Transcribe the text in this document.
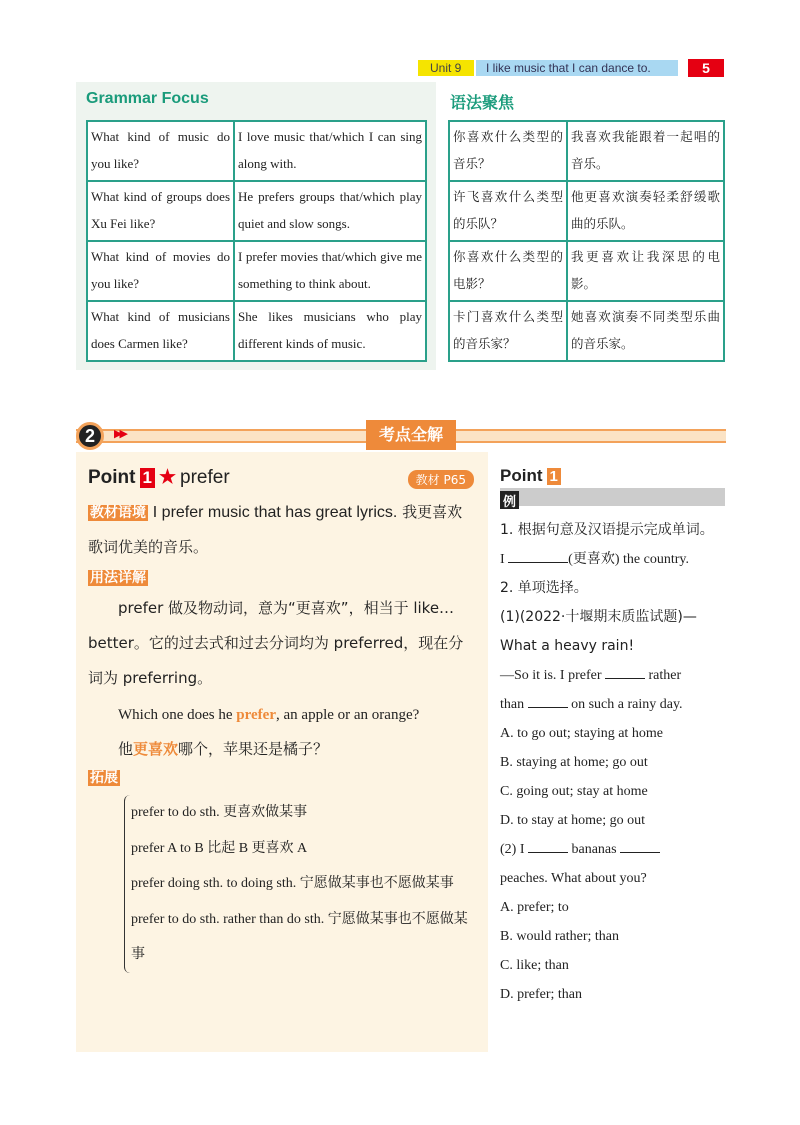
Unit 9	I like music that I can dance to.	5
Grammar Focus
What kind of music do you like?	I love music that/which I can sing along with.
What kind of groups does Xu Fei like?	He prefers groups that/which play quiet and slow songs.
What kind of movies do you like?	I prefer movies that/which give me something to think about.
What kind of musicians does Carmen like?	She likes musicians who play different kinds of music.
语法聚焦
你喜欢什么类型的音乐？	我喜欢我能跟着一起唱的音乐。
许飞喜欢什么类型的乐队？	他更喜欢演奏轻柔舒缓歌曲的乐队。
你喜欢什么类型的电影？	我更喜欢让我深思的电影。
卡门喜欢什么类型的音乐家？	她喜欢演奏不同类型乐曲的音乐家。
2	▶▶	考点全解
Point 1 ★ prefer	教材 P65
教材语境 I prefer music that has great lyrics. 我更喜欢歌词优美的音乐。
用法详解
prefer 做及物动词，意为“更喜欢”，相当于 like…better。它的过去式和过去分词均为 preferred，现在分词为 preferring。
Which one does he prefer, an apple or an orange?
他更喜欢哪个，苹果还是橘子？
拓展
prefer to do sth. 更喜欢做某事
prefer A to B 比起 B 更喜欢 A
prefer doing sth. to doing sth. 宁愿做某事也不愿做某事
prefer to do sth. rather than do sth. 宁愿做某事也不愿做某事
Point 1
例
1. 根据句意及汉语提示完成单词。
I	(更喜欢) the country.
2. 单项选择。
(1)(2022·十堰期末质监试题)—What a heavy rain!
—So it is. I prefer	rather
than	on such a rainy day.
A. to go out; staying at home
B. staying at home; go out
C. going out; stay at home
D. to stay at home; go out
(2) I	bananas
peaches. What about you?
A. prefer; to
B. would rather; than
C. like; than
D. prefer; than
